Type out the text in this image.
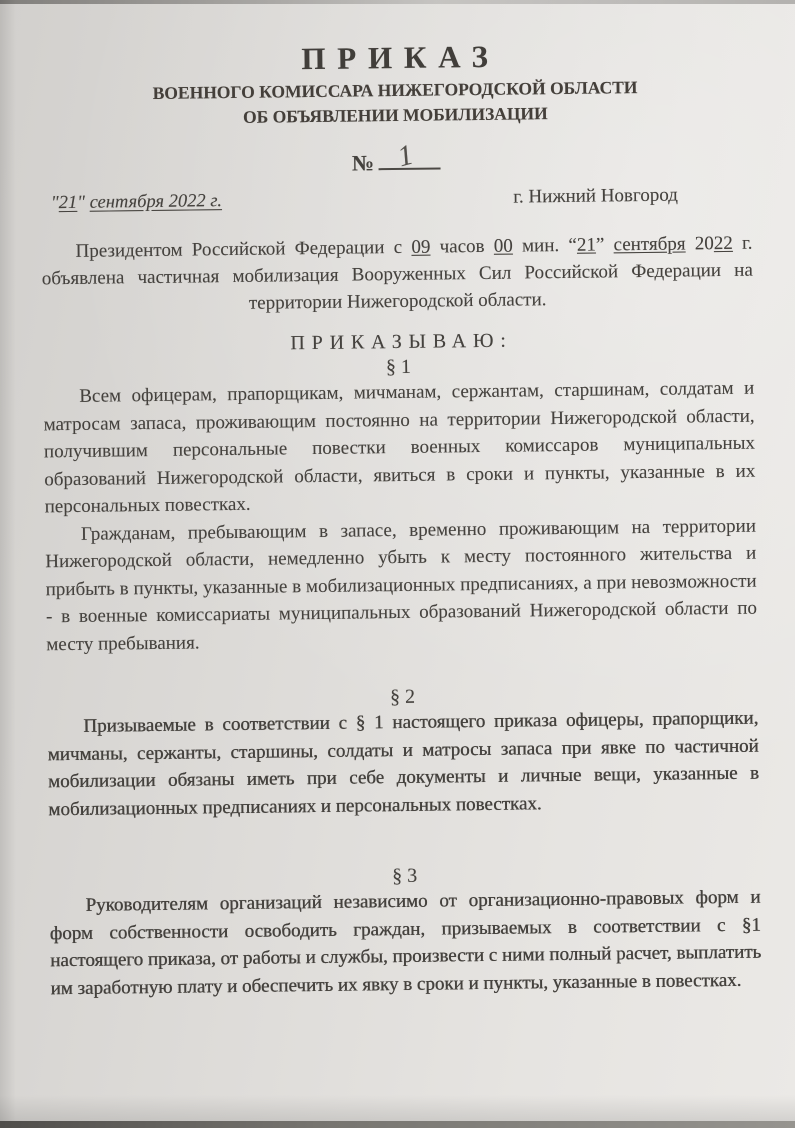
ПРИКАЗ
ВОЕННОГО КОМИССАРА НИЖЕГОРОДСКОЙ ОБЛАСТИ
ОБ ОБЪЯВЛЕНИИ МОБИЛИЗАЦИИ
№ 1
"21" сентября 2022 г.	г. Нижний Новгород

Президентом Российской Федерации с 09 часов 00 мин. “21” сентября 2022 г. объявлена частичная мобилизация Вооруженных Сил Российской Федерации на территории Нижегородской области.

ПРИКАЗЫВАЮ:
§ 1

Всем офицерам, прапорщикам, мичманам, сержантам, старшинам, солдатам и матросам запаса, проживающим постоянно на территории Нижегородской области, получившим персональные повестки военных комиссаров муниципальных образований Нижегородской области, явиться в сроки и пункты, указанные в их персональных повестках.

Гражданам, пребывающим в запасе, временно проживающим на территории Нижегородской области, немедленно убыть к месту постоянного жительства и прибыть в пункты, указанные в мобилизационных предписаниях, а при невозможности - в военные комиссариаты муниципальных образований Нижегородской области по месту пребывания.

§ 2

Призываемые в соответствии с § 1 настоящего приказа офицеры, прапорщики, мичманы, сержанты, старшины, солдаты и матросы запаса при явке по частичной мобилизации обязаны иметь при себе документы и личные вещи, указанные в мобилизационных предписаниях и персональных повестках.

§ 3

Руководителям организаций независимо от организационно-правовых форм и форм собственности освободить граждан, призываемых в соответствии с §1 настоящего приказа, от работы и службы, произвести с ними полный расчет, выплатить им заработную плату и обеспечить их явку в сроки и пункты, указанные в повестках.
